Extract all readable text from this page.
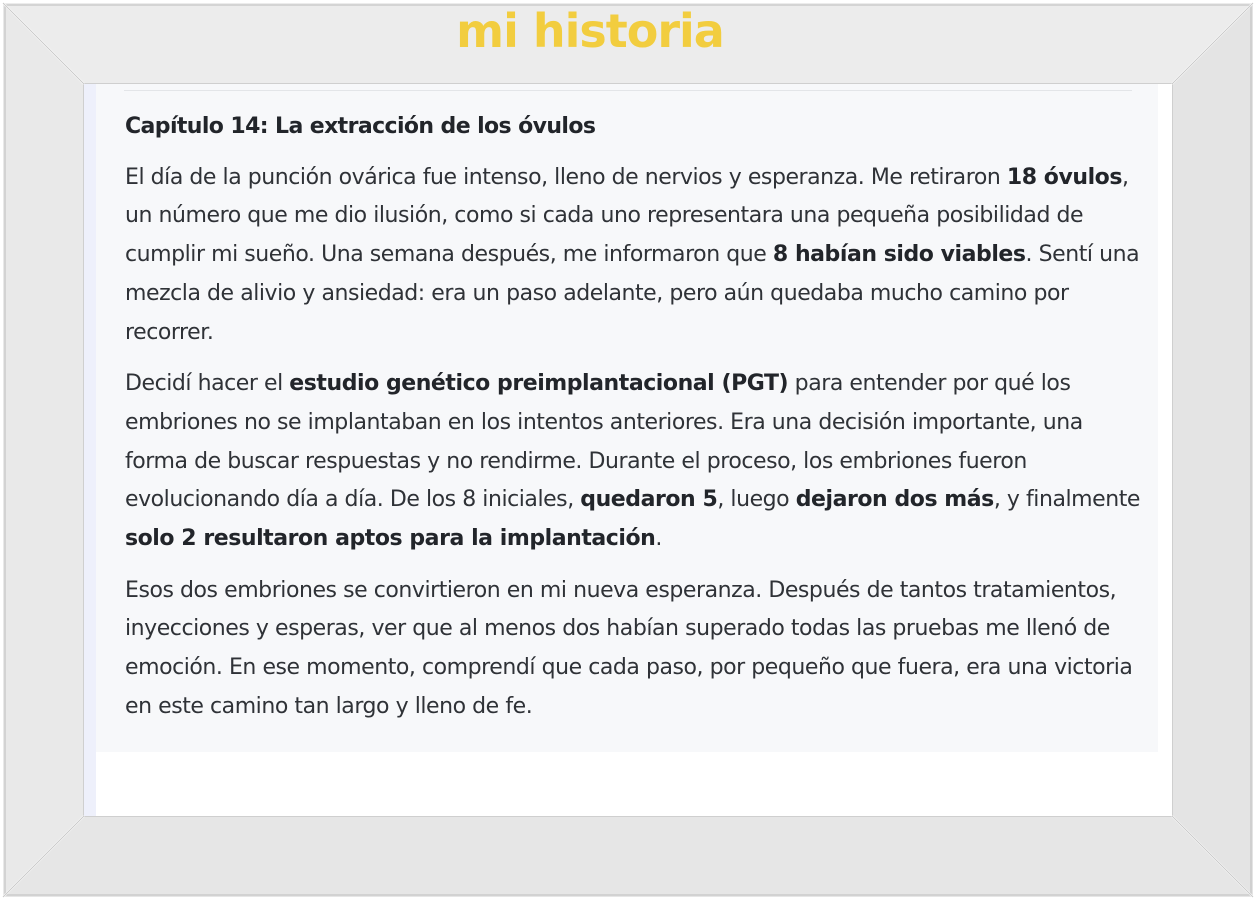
mi historia

Capítulo 14: La extracción de los óvulos

El día de la punción ovárica fue intenso, lleno de nervios y esperanza. Me retiraron 18 óvulos, un número que me dio ilusión, como si cada uno representara una pequeña posibilidad de cumplir mi sueño. Una semana después, me informaron que 8 habían sido viables. Sentí una mezcla de alivio y ansiedad: era un paso adelante, pero aún quedaba mucho camino por recorrer.

Decidí hacer el estudio genético preimplantacional (PGT) para entender por qué los embriones no se implantaban en los intentos anteriores. Era una decisión importante, una forma de buscar respuestas y no rendirme. Durante el proceso, los embriones fueron evolucionando día a día. De los 8 iniciales, quedaron 5, luego dejaron dos más, y finalmente solo 2 resultaron aptos para la implantación.

Esos dos embriones se convirtieron en mi nueva esperanza. Después de tantos tratamientos, inyecciones y esperas, ver que al menos dos habían superado todas las pruebas me llenó de emoción. En ese momento, comprendí que cada paso, por pequeño que fuera, era una victoria en este camino tan largo y lleno de fe.
